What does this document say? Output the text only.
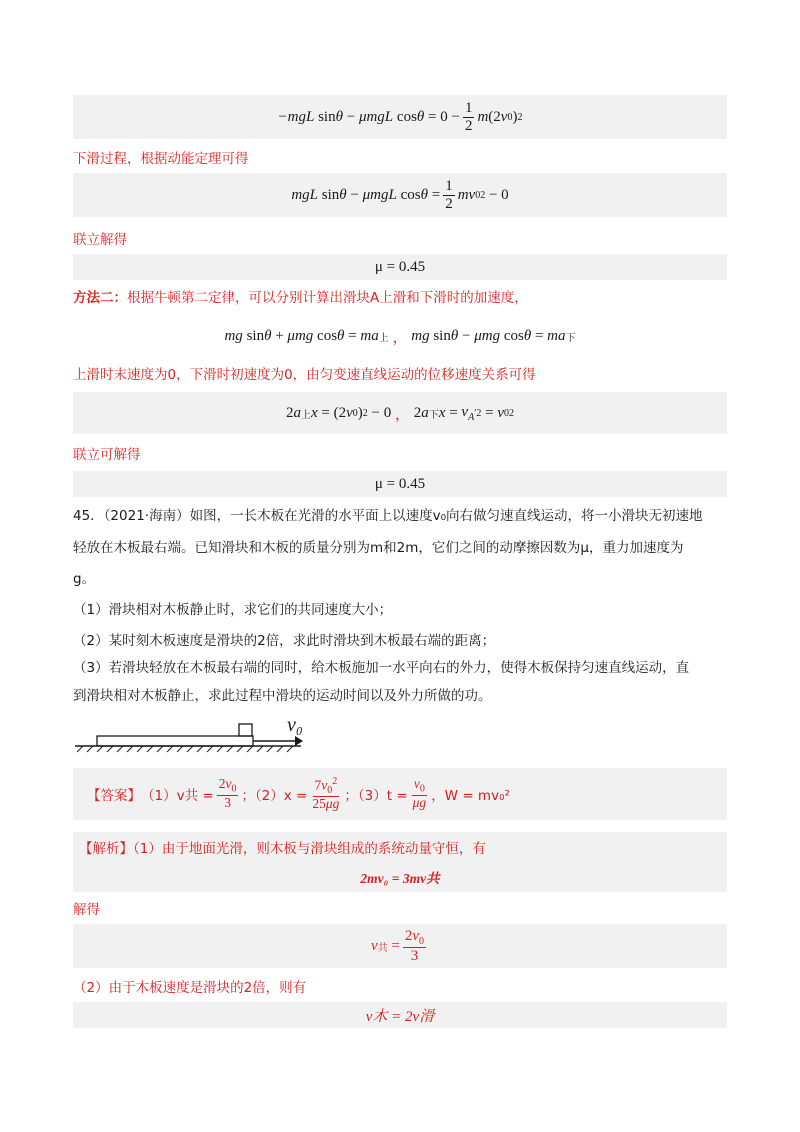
−mgL sin θ − μmgL $\cos \theta = 0 - \frac{1}{2}$ m (2 v 0 ) 2
下滑过程，根据动能定理可得
mgL sin θ − μmgL $\cos \theta = \frac{1}{2}$ mv 0 2 − 0
联立解得
μ = 0.45
方法二：根据牛顿第二定律，可以分别计算出滑块A上滑和下滑时的加速度，
mg sin θ + μmg cos θ = ma 上 ， mg sin θ − μmg cos θ = ma 下
上滑时末速度为0，下滑时初速度为0，由匀变速直线运动的位移速度关系可得
2 a 上 x = (2 v 0 ) 2 − 0 ， 2 a 下 $x = v_A$ ′2 = v 0 2
联立可解得
μ = 0.45
45．（2021·海南）如图，一长木板在光滑的水平面上以速度v₀向右做匀速直线运动，将一小滑块无初速地
轻放在木板最右端。已知滑块和木板的质量分别为m和2m，它们之间的动摩擦因数为μ，重力加速度为
g。
（1）滑块相对木板静止时，求它们的共同速度大小；
（2）某时刻木板速度是滑块的2倍，求此时滑块到木板最右端的距离；
（3）若滑块轻放在木板最右端的同时，给木板施加一水平向右的外力，使得木板保持匀速直线运动，直
到滑块相对木板静止，求此过程中滑块的运动时间以及外力所做的功。
v₀
【答案】 （1）v共 = $\frac{2v_0}{3}$ ；$(2)x = \frac{7v_0^2}{25\mu g}$ ；$(3)t = \frac{v_0}{\mu g}$ ，W = mv₀²
【解析】（1）由于地面光滑，则木板与滑块组成的系统动量守恒，有
2mv₀ = 3mv共
解得
v 共 = $\frac{2v_0}{3}$
（2）由于木板速度是滑块的2倍，则有
v木 = 2v滑
